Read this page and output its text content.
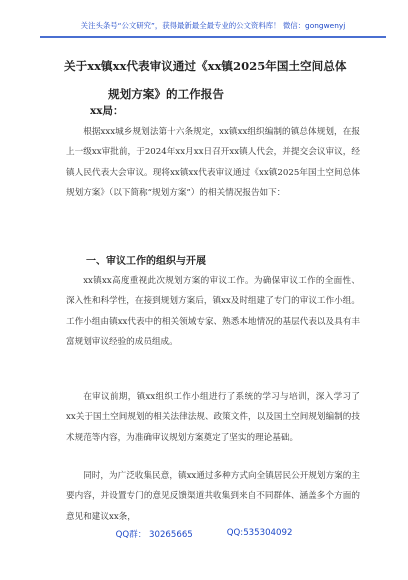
关注头条号“公文研究”，获得最新最全最专业的公文资料库！ 微信：gongwenyj
关于xx镇xx代表审议通过《xx镇2025年国土空间总体
规划方案》的工作报告
xx局：
根据xxx城乡规划法第十六条规定，xx镇xx组织编制的镇总体规划，在报上一级xx审批前，于2024年xx月xx日召开xx镇人代会，并提交会议审议，经镇人民代表大会审议。现将xx镇xx代表审议通过《xx镇2025年国土空间总体规划方案》（以下简称“规划方案”）的相关情况报告如下：
一、审议工作的组织与开展
xx镇xx高度重视此次规划方案的审议工作。为确保审议工作的全面性、深入性和科学性，在接到规划方案后，镇xx及时组建了专门的审议工作小组。工作小组由镇xx代表中的相关领域专家、熟悉本地情况的基层代表以及具有丰富规划审议经验的成员组成。
在审议前期，镇xx组织工作小组进行了系统的学习与培训，深入学习了xx关于国土空间规划的相关法律法规、政策文件，以及国土空间规划编制的技术规范等内容，为准确审议规划方案奠定了坚实的理论基础。
同时，为广泛收集民意，镇xx通过多种方式向全镇居民公开规划方案的主要内容，并设置专门的意见反馈渠道共收集到来自不同群体、涵盖多个方面的意见和建议xx条，
QQ群： 30265665	QQ:535304092
